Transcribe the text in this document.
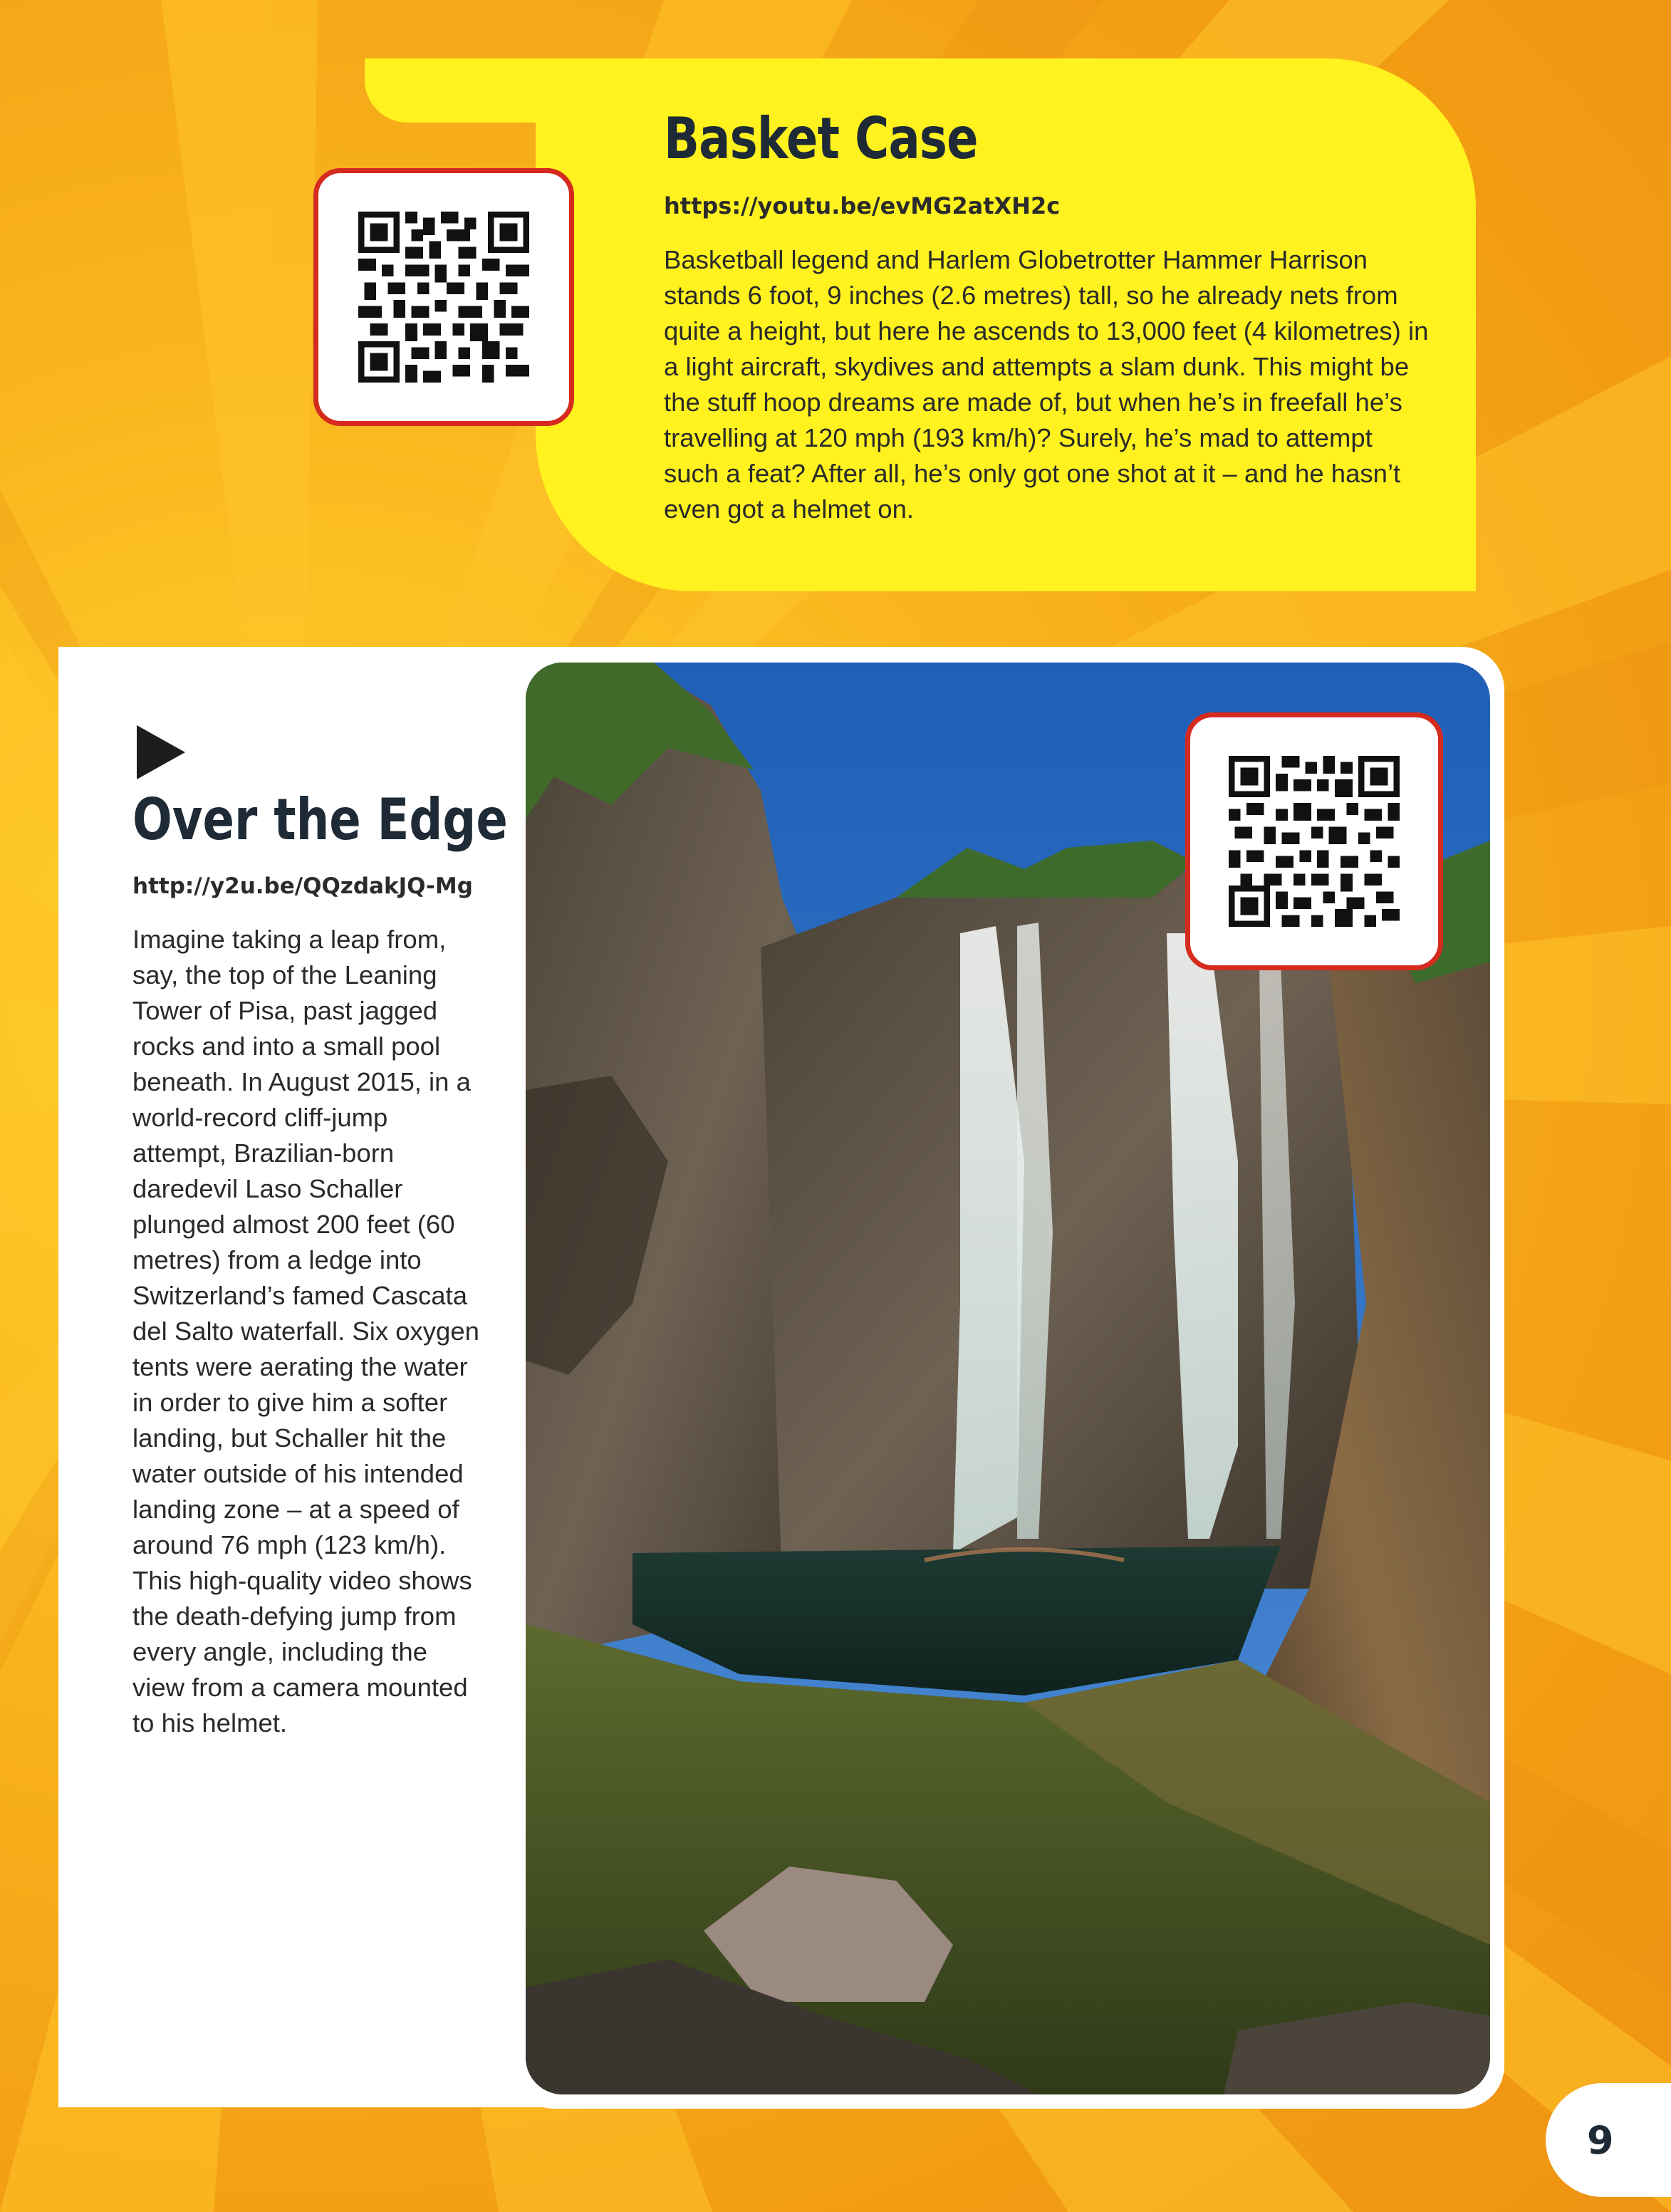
Basket Case
https://youtu.be/evMG2atXH2c

Basketball legend and Harlem Globetrotter Hammer Harrison stands 6 foot, 9 inches (2.6 metres) tall, so he already nets from quite a height, but here he ascends to 13,000 feet (4 kilometres) in a light aircraft, skydives and attempts a slam dunk. This might be the stuff hoop dreams are made of, but when he’s in freefall he’s travelling at 120 mph (193 km/h)? Surely, he’s mad to attempt such a feat? After all, he’s only got one shot at it – and he hasn’t even got a helmet on.

Over the Edge
http://y2u.be/QQzdakJQ-Mg

Imagine taking a leap from, say, the top of the Leaning Tower of Pisa, past jagged rocks and into a small pool beneath. In August 2015, in a world-record cliff-jump attempt, Brazilian-born daredevil Laso Schaller plunged almost 200 feet (60 metres) from a ledge into Switzerland’s famed Cascata del Salto waterfall. Six oxygen tents were aerating the water in order to give him a softer landing, but Schaller hit the water outside of his intended landing zone – at a speed of around 76 mph (123 km/h). This high-quality video shows the death-defying jump from every angle, including the view from a camera mounted to his helmet.

9
